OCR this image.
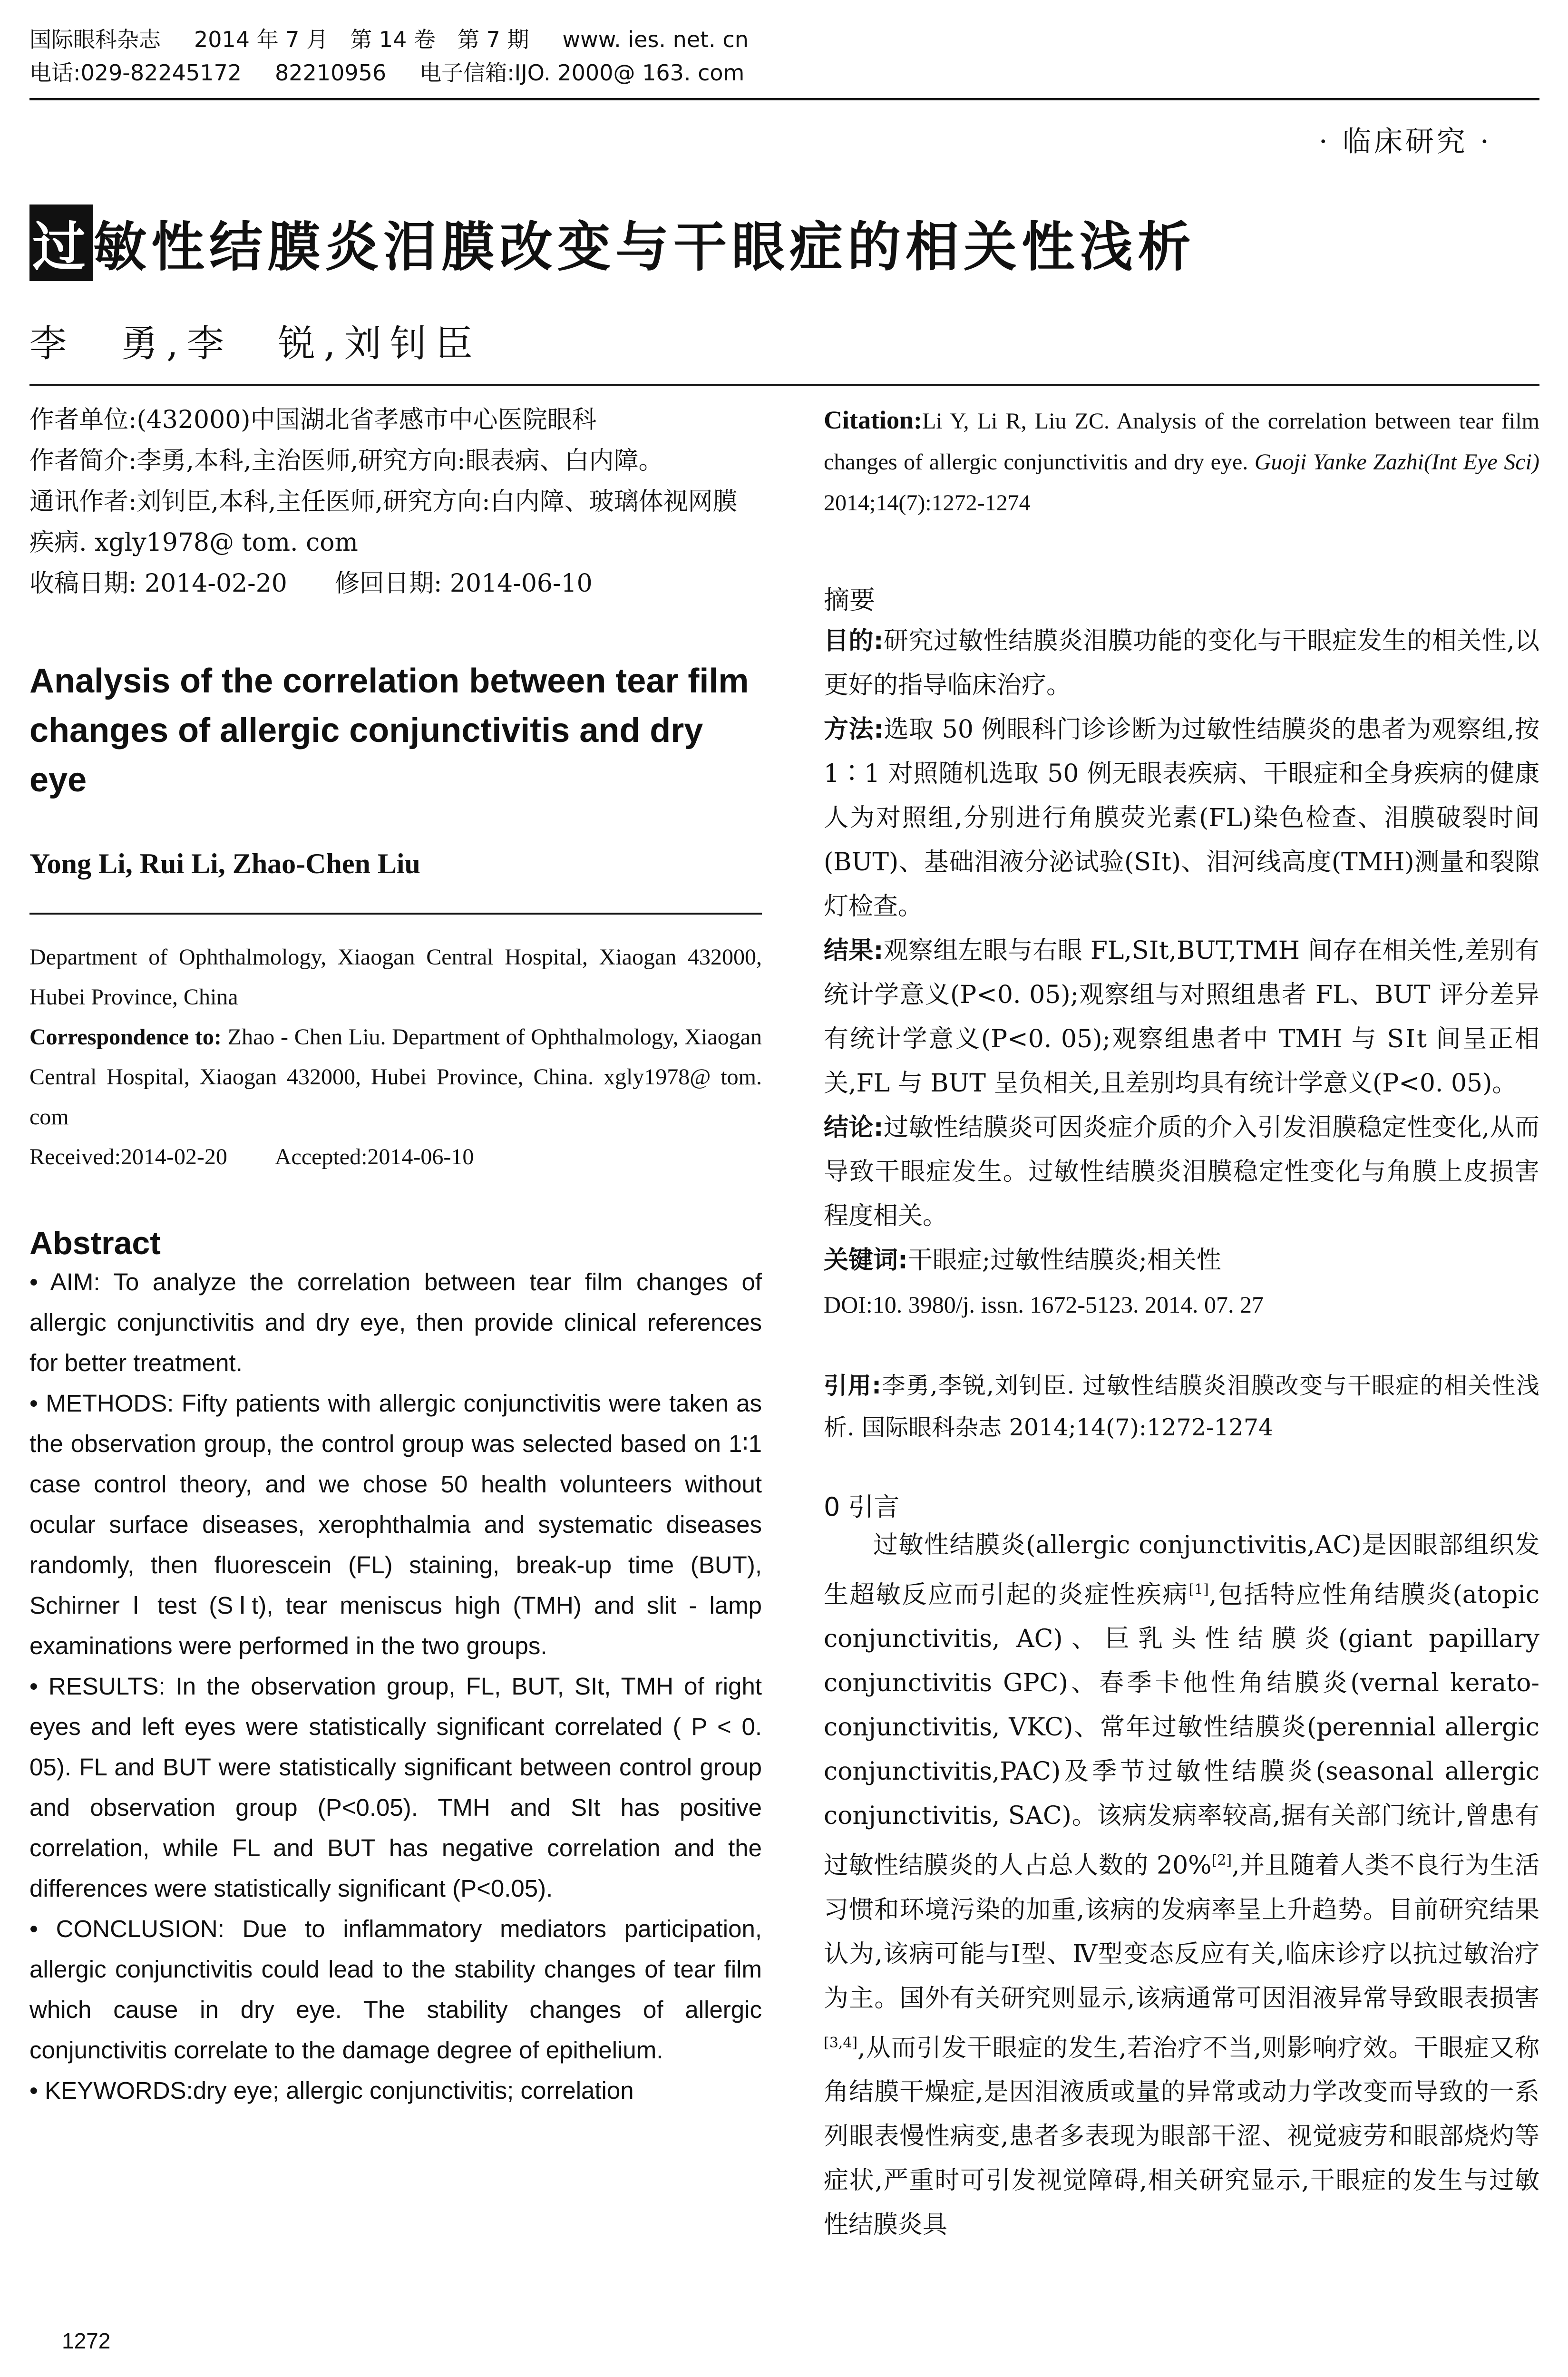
国际眼科杂志 2014 年 7 月　第 14 卷　第 7 期 www. ies. net. cn
电话:029-82245172 82210956 电子信箱:IJO. 2000@ 163. com
· 临床研究 ·
过敏性结膜炎泪膜改变与干眼症的相关性浅析
李　勇,李　锐,刘钊臣

作者单位:(432000)中国湖北省孝感市中心医院眼科

作者简介:李勇,本科,主治医师,研究方向:眼表病、白内障。

通讯作者:刘钊臣,本科,主任医师,研究方向:白内障、玻璃体视网膜疾病. xgly1978@ tom. com

收稿日期: 2014-02-20 修回日期: 2014-06-10

Analysis of the correlation between tear film changes of allergic conjunctivitis and dry eye
Yong Li, Rui Li, Zhao-Chen Liu

Department of Ophthalmology, Xiaogan Central Hospital, Xiaogan 432000, Hubei Province, China

Correspondence to: Zhao - Chen Liu. Department of Ophthalmology, Xiaogan Central Hospital, Xiaogan 432000, Hubei Province, China. xgly1978@ tom. com

Received:2014-02-20 Accepted:2014-06-10

Abstract

• AIM: To analyze the correlation between tear film changes of allergic conjunctivitis and dry eye, then provide clinical references for better treatment.

• METHODS: Fifty patients with allergic conjunctivitis were taken as the observation group, the control group was selected based on 1∶1 case control theory, and we chose 50 health volunteers without ocular surface diseases, xerophthalmia and systematic diseases randomly, then fluorescein (FL) staining, break-up time (BUT), Schirner Ⅰ test (SⅠt), tear meniscus high (TMH) and slit - lamp examinations were performed in the two groups.

• RESULTS: In the observation group, FL, BUT, SIt, TMH of right eyes and left eyes were statistically significant correlated ( P < 0. 05). FL and BUT were statistically significant between control group and observation group (P<0.05). TMH and SIt has positive correlation, while FL and BUT has negative correlation and the differences were statistically significant (P<0.05).

• CONCLUSION: Due to inflammatory mediators participation, allergic conjunctivitis could lead to the stability changes of tear film which cause in dry eye. The stability changes of allergic conjunctivitis correlate to the damage degree of epithelium.

• KEYWORDS:dry eye; allergic conjunctivitis; correlation

Citation:Li Y, Li R, Liu ZC. Analysis of the correlation between tear film changes of allergic conjunctivitis and dry eye. Guoji Yanke Zazhi(Int Eye Sci) 2014;14(7):1272-1274

摘要

目的:研究过敏性结膜炎泪膜功能的变化与干眼症发生的相关性,以更好的指导临床治疗。

方法:选取 50 例眼科门诊诊断为过敏性结膜炎的患者为观察组,按 1∶1 对照随机选取 50 例无眼表疾病、干眼症和全身疾病的健康人为对照组,分别进行角膜荧光素(FL)染色检查、泪膜破裂时间(BUT)、基础泪液分泌试验(SⅠt)、泪河线高度(TMH)测量和裂隙灯检查。

结果:观察组左眼与右眼 FL,SⅠt,BUT,TMH 间存在相关性,差别有统计学意义(P<0. 05);观察组与对照组患者 FL、BUT 评分差异有统计学意义(P<0. 05);观察组患者中 TMH 与 SⅠt 间呈正相关,FL 与 BUT 呈负相关,且差别均具有统计学意义(P<0. 05)。

结论:过敏性结膜炎可因炎症介质的介入引发泪膜稳定性变化,从而导致干眼症发生。过敏性结膜炎泪膜稳定性变化与角膜上皮损害程度相关。

关键词:干眼症;过敏性结膜炎;相关性

DOI:10. 3980/j. issn. 1672-5123. 2014. 07. 27

引用:李勇,李锐,刘钊臣. 过敏性结膜炎泪膜改变与干眼症的相关性浅析. 国际眼科杂志 2014;14(7):1272-1274

0 引言

过敏性结膜炎(allergic conjunctivitis,AC)是因眼部组织发生超敏反应而引起的炎症性疾病[1],包括特应性角结膜炎(atopic conjunctivitis, AC)、巨乳头性结膜炎(giant papillary conjunctivitis GPC)、春季卡他性角结膜炎(vernal kerato-conjunctivitis, VKC)、常年过敏性结膜炎(perennial allergic conjunctivitis,PAC)及季节过敏性结膜炎(seasonal allergic conjunctivitis, SAC)。该病发病率较高,据有关部门统计,曾患有过敏性结膜炎的人占总人数的 20%[2],并且随着人类不良行为生活习惯和环境污染的加重,该病的发病率呈上升趋势。目前研究结果认为,该病可能与Ⅰ型、Ⅳ型变态反应有关,临床诊疗以抗过敏治疗为主。国外有关研究则显示,该病通常可因泪液异常导致眼表损害[3,4],从而引发干眼症的发生,若治疗不当,则影响疗效。干眼症又称角结膜干燥症,是因泪液质或量的异常或动力学改变而导致的一系列眼表慢性病变,患者多表现为眼部干涩、视觉疲劳和眼部烧灼等症状,严重时可引发视觉障碍,相关研究显示,干眼症的发生与过敏性结膜炎具

1272
